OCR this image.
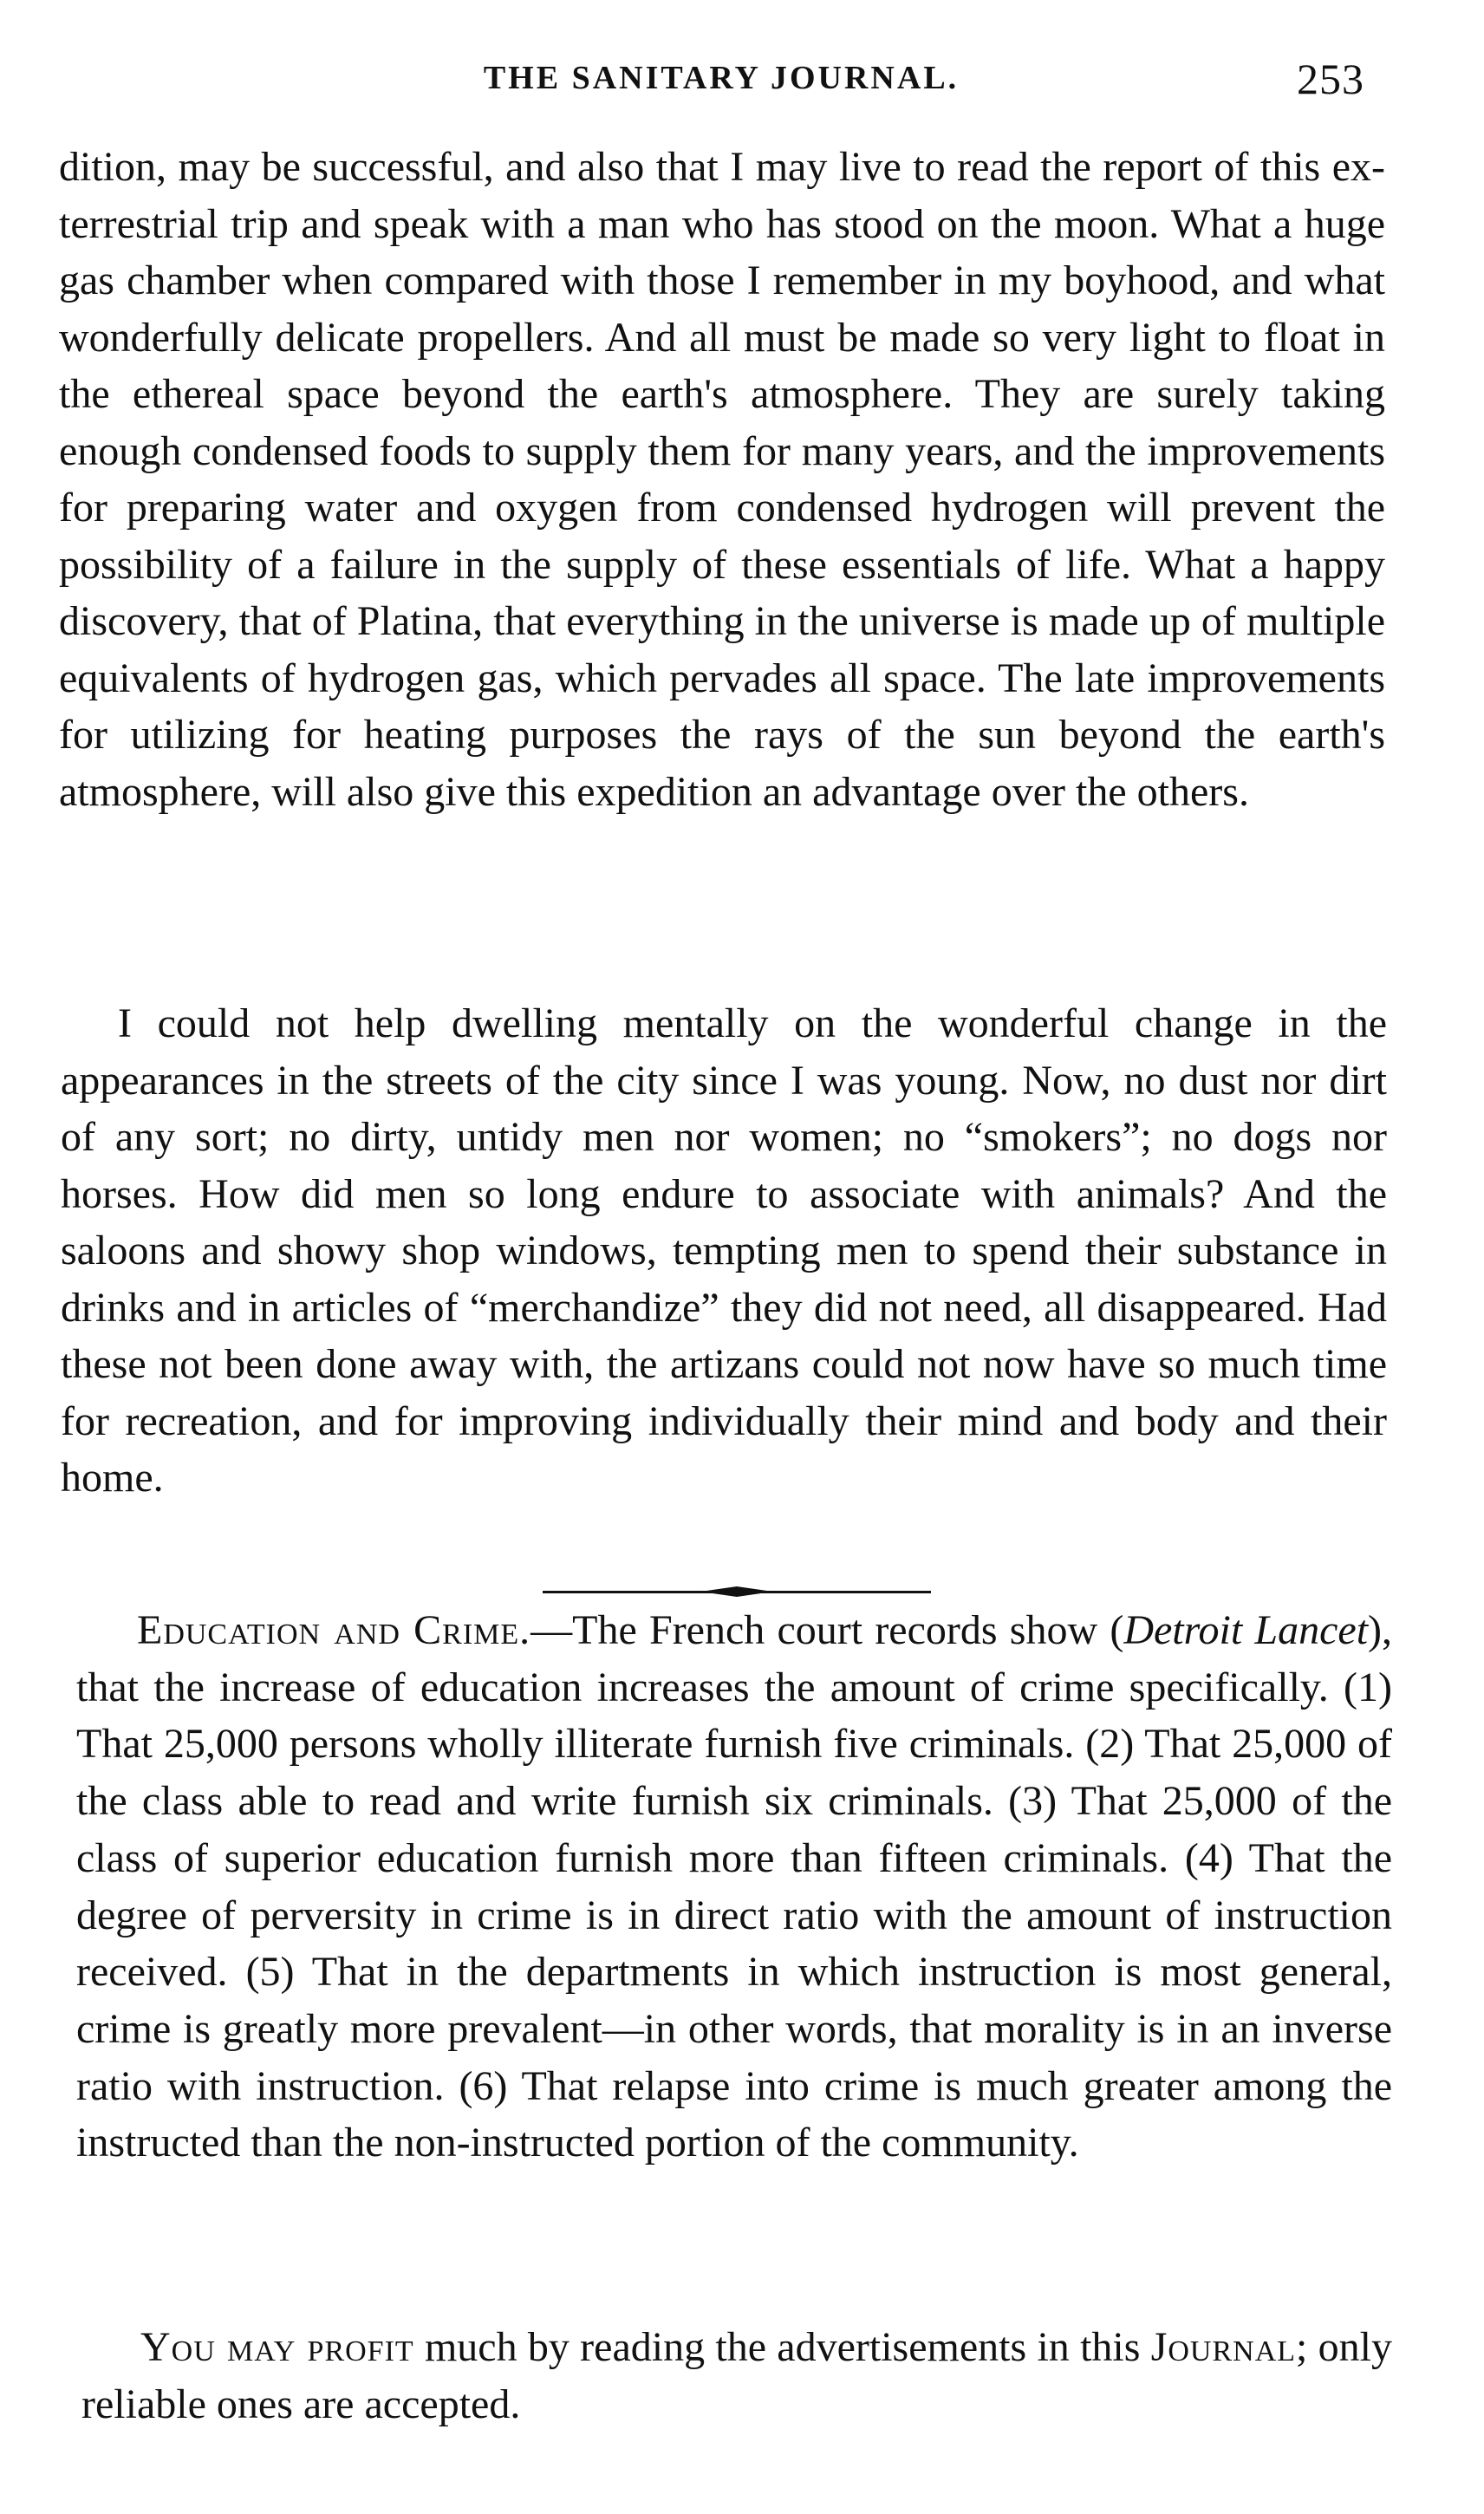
THE SANITARY JOURNAL.	253

dition, may be successful, and also that I may live to read the report of this ex-terrestrial trip and speak with a man who has stood on the moon. What a huge gas chamber when compared with those I remember in my boyhood, and what wonderfully delicate propellers. And all must be made so very light to float in the ethereal space beyond the earth's atmosphere. They are surely taking enough condensed foods to supply them for many years, and the improvements for preparing water and oxygen from condensed hydrogen will prevent the possibility of a failure in the supply of these essentials of life. What a happy discovery, that of Platina, that everything in the universe is made up of multiple equivalents of hydrogen gas, which pervades all space. The late improvements for utilizing for heating purposes the rays of the sun beyond the earth's atmosphere, will also give this expedition an advantage over the others.

I could not help dwelling mentally on the wonderful change in the appearances in the streets of the city since I was young. Now, no dust nor dirt of any sort; no dirty, untidy men nor women; no “smokers”; no dogs nor horses. How did men so long endure to associate with animals? And the saloons and showy shop windows, tempting men to spend their substance in drinks and in articles of “merchandize” they did not need, all disappeared. Had these not been done away with, the artizans could not now have so much time for recreation, and for improving individually their mind and body and their home.

Education and Crime.—The French court records show (Detroit Lancet), that the increase of education increases the amount of crime specifically. (1) That 25,000 persons wholly illiterate furnish five criminals. (2) That 25,000 of the class able to read and write furnish six criminals. (3) That 25,000 of the class of superior education furnish more than fifteen criminals. (4) That the degree of perversity in crime is in direct ratio with the amount of instruction received. (5) That in the departments in which instruction is most general, crime is greatly more prevalent—in other words, that morality is in an inverse ratio with instruction. (6) That relapse into crime is much greater among the instructed than the non-instructed portion of the community.

You may profit much by reading the advertisements in this Journal; only reliable ones are accepted.
